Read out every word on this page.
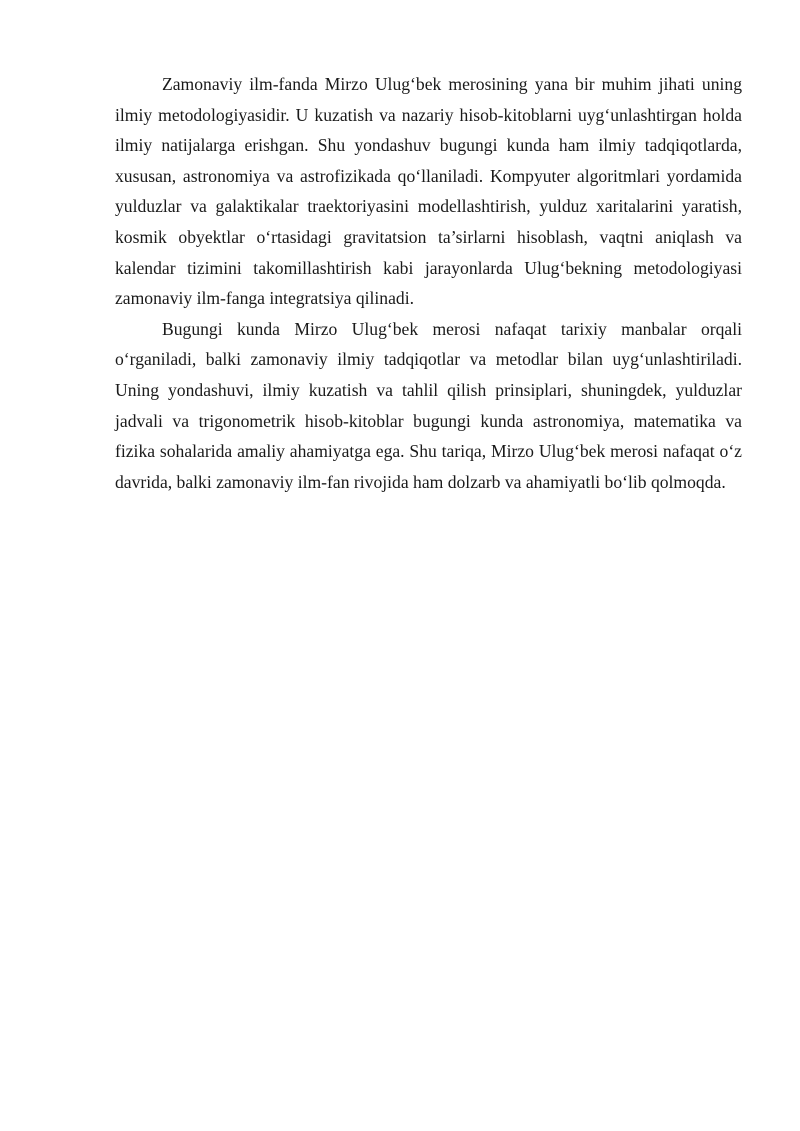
Zamonaviy ilm-fanda Mirzo Ulug‘bek merosining yana bir muhim jihati uning ilmiy metodologiyasidir. U kuzatish va nazariy hisob-kitoblarni uyg‘unlashtirgan holda ilmiy natijalarga erishgan. Shu yondashuv bugungi kunda ham ilmiy tadqiqotlarda, xususan, astronomiya va astrofizikada qo‘llaniladi. Kompyuter algoritmlari yordamida yulduzlar va galaktikalar traektoriyasini modellashtirish, yulduz xaritalarini yaratish, kosmik obyektlar o‘rtasidagi gravitatsion ta’sirlarni hisoblash, vaqtni aniqlash va kalendar tizimini takomillashtirish kabi jarayonlarda Ulug‘bekning metodologiyasi zamonaviy ilm-fanga integratsiya qilinadi.

Bugungi kunda Mirzo Ulug‘bek merosi nafaqat tarixiy manbalar orqali o‘rganiladi, balki zamonaviy ilmiy tadqiqotlar va metodlar bilan uyg‘unlashtiriladi. Uning yondashuvi, ilmiy kuzatish va tahlil qilish prinsiplari, shuningdek, yulduzlar jadvali va trigonometrik hisob-kitoblar bugungi kunda astronomiya, matematika va fizika sohalarida amaliy ahamiyatga ega. Shu tariqa, Mirzo Ulug‘bek merosi nafaqat o‘z davrida, balki zamonaviy ilm-fan rivojida ham dolzarb va ahamiyatli bo‘lib qolmoqda.
